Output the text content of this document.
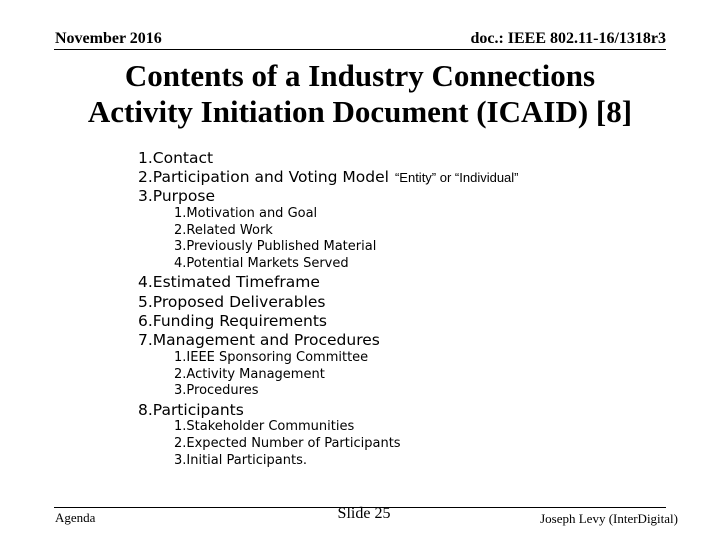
November 2016	doc.: IEEE 802.11-16/1318r3
Contents of a Industry Connections
Activity Initiation Document (ICAID) [8]
1.Contact
2.Participation and Voting Model “Entity” or “Individual”
3.Purpose
1.Motivation and Goal
2.Related Work
3.Previously Published Material
4.Potential Markets Served
4.Estimated Timeframe
5.Proposed Deliverables
6.Funding Requirements
7.Management and Procedures
1.IEEE Sponsoring Committee
2.Activity Management
3.Procedures
8.Participants
1.Stakeholder Communities
2.Expected Number of Participants
3.Initial Participants.
Agenda	Slide 25	Joseph Levy (InterDigital)
